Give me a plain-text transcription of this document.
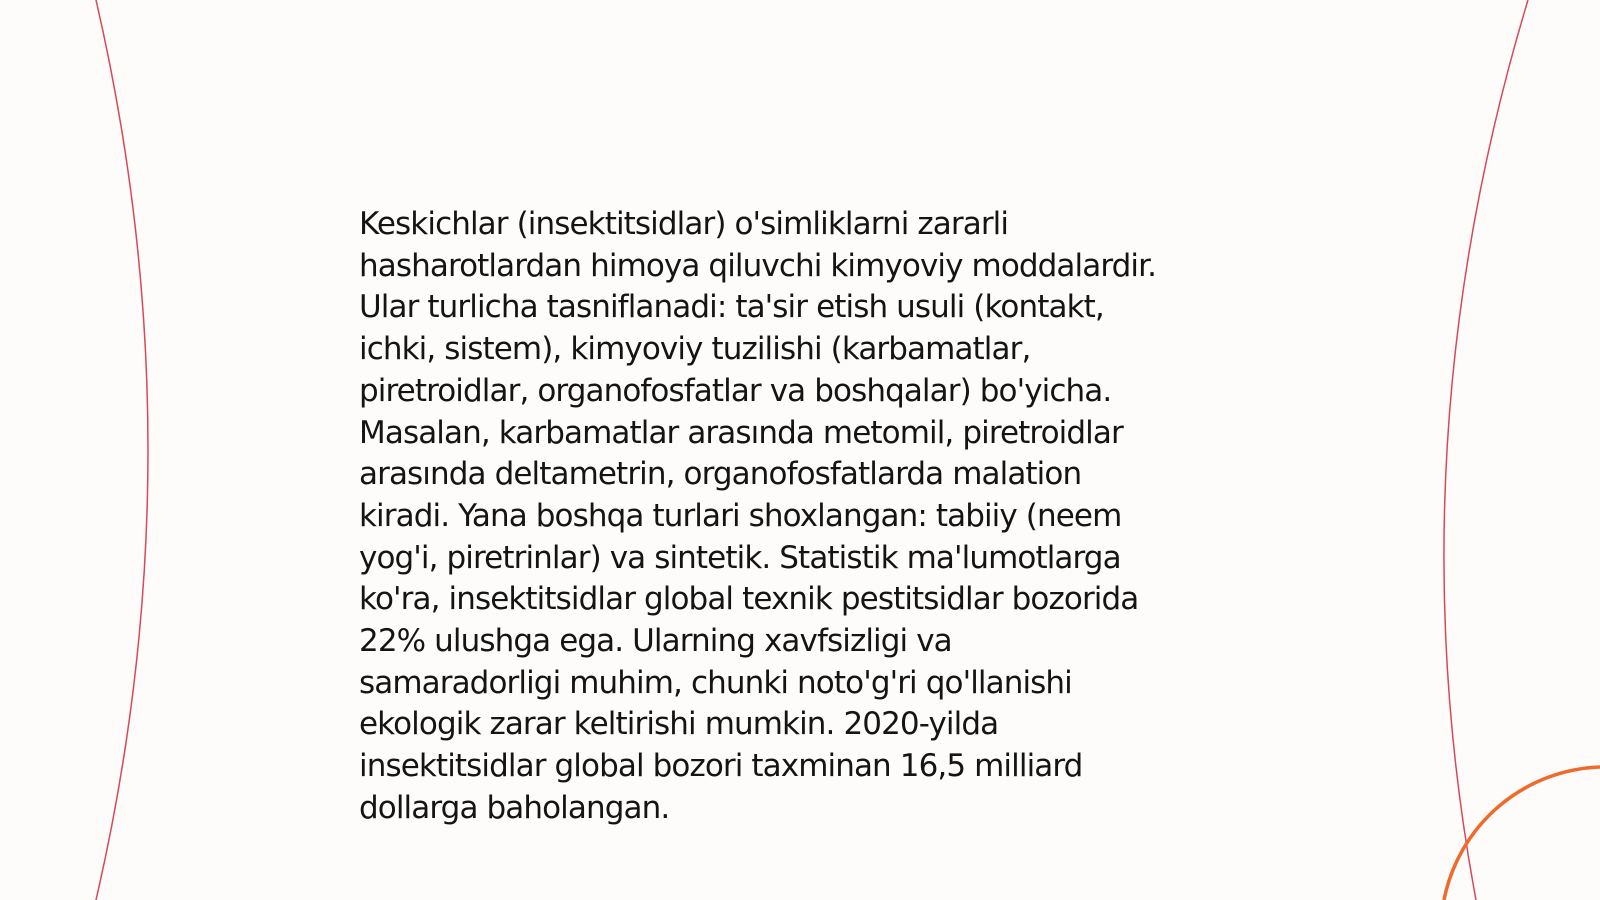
Keskichlar (insektitsidlar) o'simliklarni zararli
hasharotlardan himoya qiluvchi kimyoviy moddalardir.
Ular turlicha tasniflanadi: ta'sir etish usuli (kontakt,
ichki, sistem), kimyoviy tuzilishi (karbamatlar,
piretroidlar, organofosfatlar va boshqalar) bo'yicha.
Masalan, karbamatlar arasında metomil, piretroidlar
arasında deltametrin, organofosfatlarda malation
kiradi. Yana boshqa turlari shoxlangan: tabiiy (neem
yog'i, piretrinlar) va sintetik. Statistik ma'lumotlarga
ko'ra, insektitsidlar global texnik pestitsidlar bozorida
22% ulushga ega. Ularning xavfsizligi va
samaradorligi muhim, chunki noto'g'ri qo'llanishi
ekologik zarar keltirishi mumkin. 2020-yilda
insektitsidlar global bozori taxminan 16,5 milliard
dollarga baholangan.
